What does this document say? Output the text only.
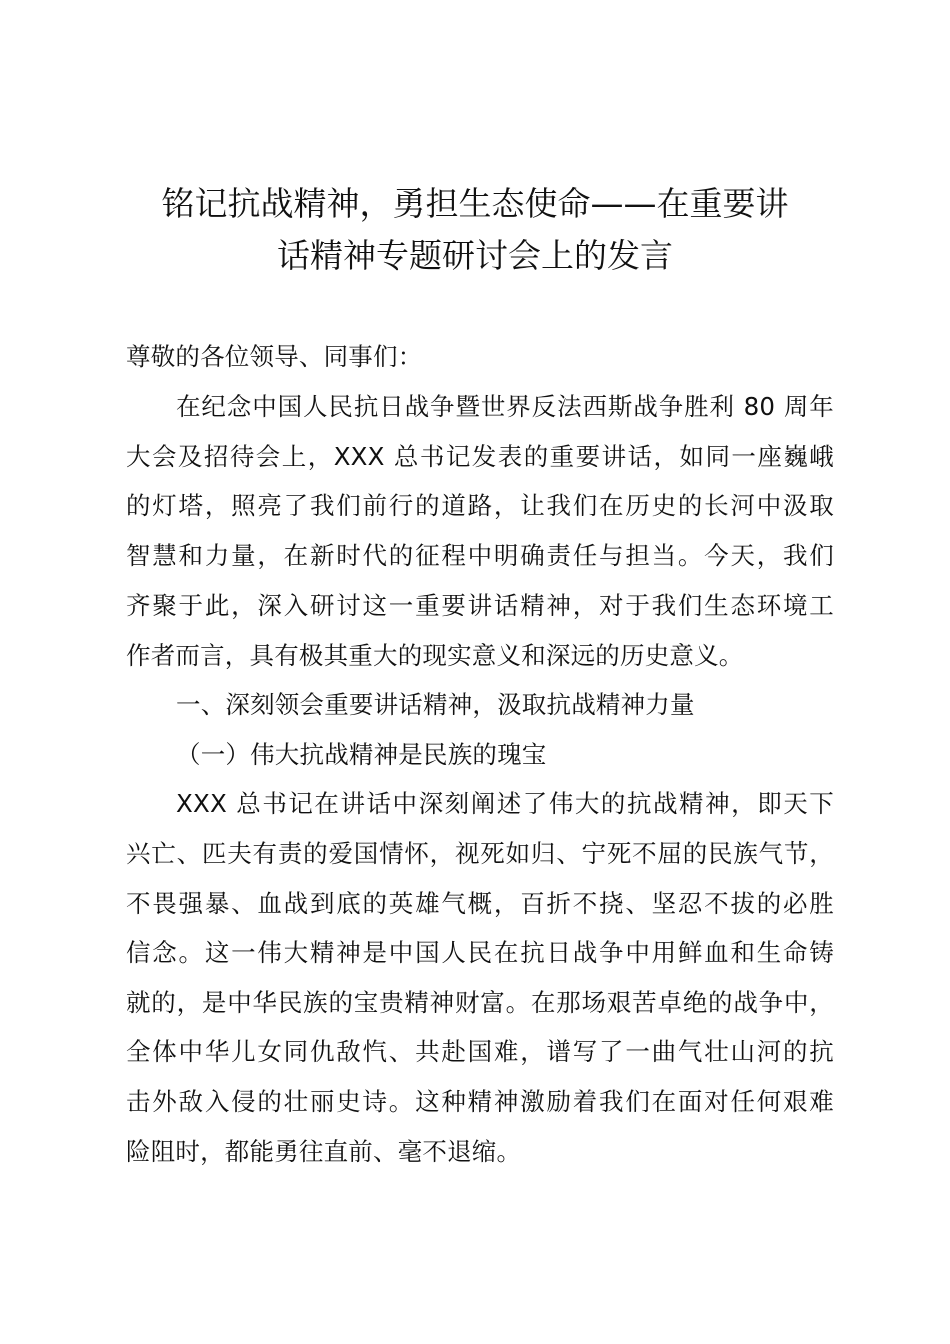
铭记抗战精神，勇担生态使命——在重要讲
话精神专题研讨会上的发言
尊敬的各位领导、同事们：
在纪念中国人民抗日战争暨世界反法西斯战争胜利 80 周年
大会及招待会上，XXX 总书记发表的重要讲话，如同一座巍峨
的灯塔，照亮了我们前行的道路，让我们在历史的长河中汲取
智慧和力量，在新时代的征程中明确责任与担当。今天，我们
齐聚于此，深入研讨这一重要讲话精神，对于我们生态环境工
作者而言，具有极其重大的现实意义和深远的历史意义。
一、深刻领会重要讲话精神，汲取抗战精神力量
（一）伟大抗战精神是民族的瑰宝
XXX 总书记在讲话中深刻阐述了伟大的抗战精神，即天下
兴亡、匹夫有责的爱国情怀，视死如归、宁死不屈的民族气节，
不畏强暴、血战到底的英雄气概，百折不挠、坚忍不拔的必胜
信念。这一伟大精神是中国人民在抗日战争中用鲜血和生命铸
就的，是中华民族的宝贵精神财富。在那场艰苦卓绝的战争中，
全体中华儿女同仇敌忾、共赴国难，谱写了一曲气壮山河的抗
击外敌入侵的壮丽史诗。这种精神激励着我们在面对任何艰难
险阻时，都能勇往直前、毫不退缩。
